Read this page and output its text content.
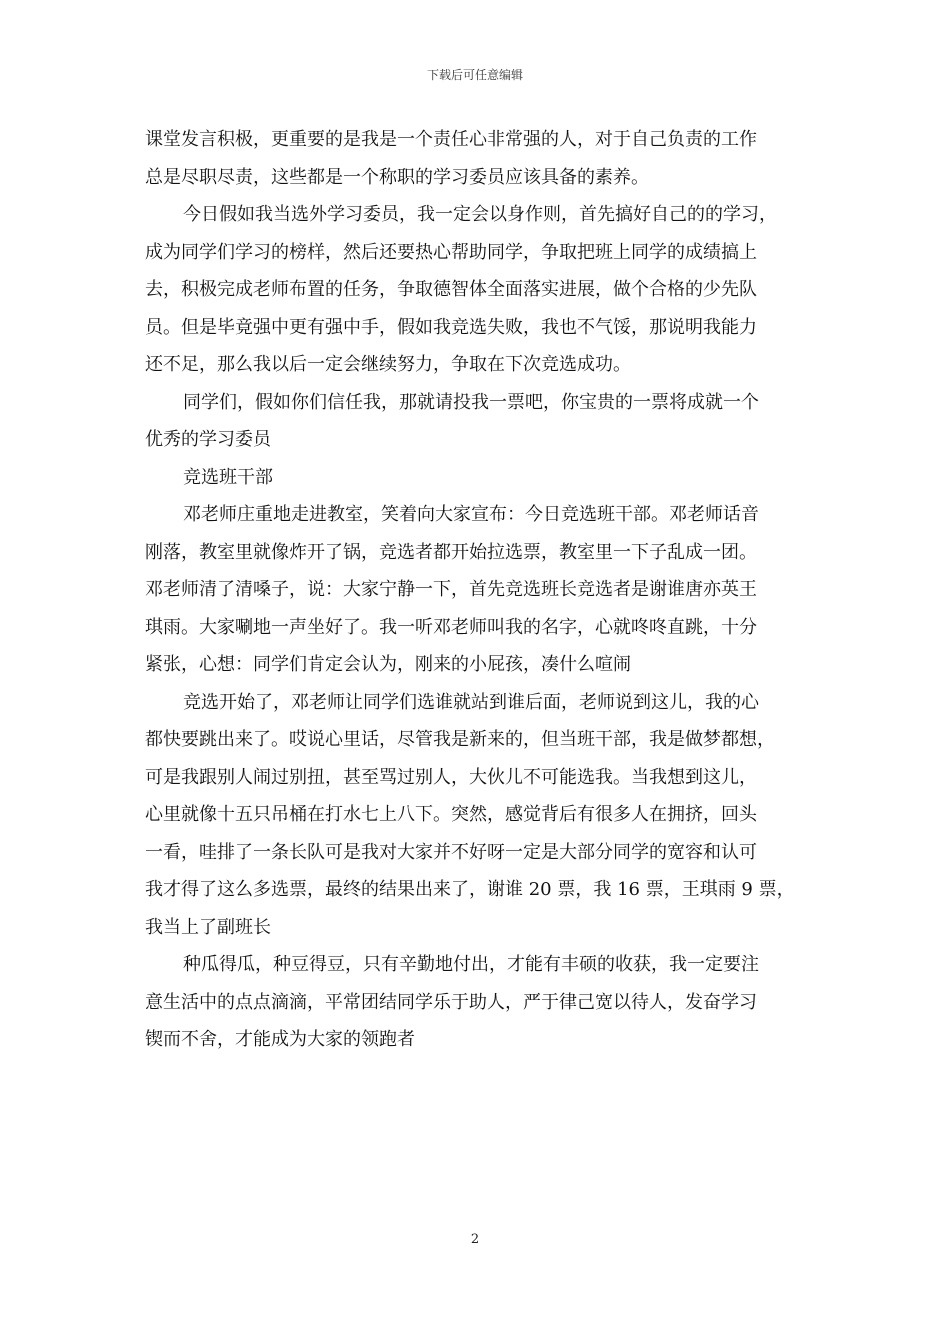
下载后可任意编辑
课堂发言积极，更重要的是我是一个责任心非常强的人，对于自己负责的工作
总是尽职尽责，这些都是一个称职的学习委员应该具备的素养。
今日假如我当选外学习委员，我一定会以身作则，首先搞好自己的的学习，
成为同学们学习的榜样，然后还要热心帮助同学，争取把班上同学的成绩搞上
去，积极完成老师布置的任务，争取德智体全面落实进展，做个合格的少先队
员。但是毕竟强中更有强中手，假如我竞选失败，我也不气馁，那说明我能力
还不足，那么我以后一定会继续努力，争取在下次竞选成功。
同学们，假如你们信任我，那就请投我一票吧，你宝贵的一票将成就一个
优秀的学习委员
竞选班干部
邓老师庄重地走进教室，笑着向大家宣布：今日竞选班干部。邓老师话音
刚落，教室里就像炸开了锅，竞选者都开始拉选票，教室里一下子乱成一团。
邓老师清了清嗓子，说：大家宁静一下，首先竞选班长竞选者是谢谁唐亦英王
琪雨。大家唰地一声坐好了。我一听邓老师叫我的名字，心就咚咚直跳，十分
紧张，心想：同学们肯定会认为，刚来的小屁孩，凑什么喧闹
竞选开始了，邓老师让同学们选谁就站到谁后面，老师说到这儿，我的心
都快要跳出来了。哎说心里话，尽管我是新来的，但当班干部，我是做梦都想，
可是我跟别人闹过别扭，甚至骂过别人，大伙儿不可能选我。当我想到这儿，
心里就像十五只吊桶在打水七上八下。突然，感觉背后有很多人在拥挤，回头
一看，哇排了一条长队可是我对大家并不好呀一定是大部分同学的宽容和认可
我才得了这么多选票，最终的结果出来了，谢谁 20 票，我 16 票，王琪雨 9 票，
我当上了副班长
种瓜得瓜，种豆得豆，只有辛勤地付出，才能有丰硕的收获，我一定要注
意生活中的点点滴滴，平常团结同学乐于助人，严于律己宽以待人，发奋学习
锲而不舍，才能成为大家的领跑者
2
